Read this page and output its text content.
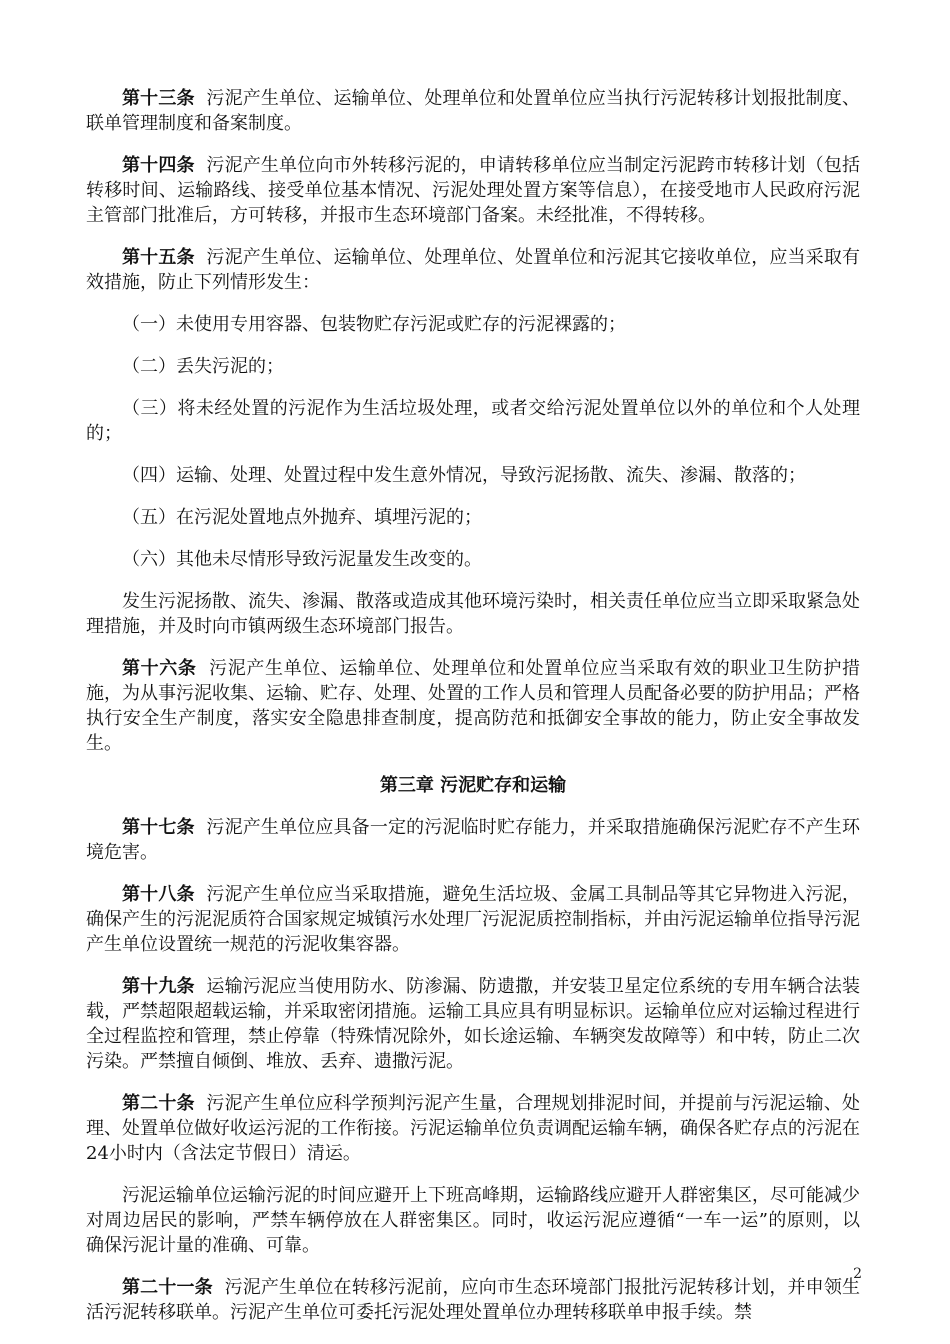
第十三条 污泥产生单位、运输单位、处理单位和处置单位应当执行污泥转移计划报批制度、联单管理制度和备案制度。

第十四条 污泥产生单位向市外转移污泥的，申请转移单位应当制定污泥跨市转移计划（包括转移时间、运输路线、接受单位基本情况、污泥处理处置方案等信息），在接受地市人民政府污泥主管部门批准后，方可转移，并报市生态环境部门备案。未经批准，不得转移。

第十五条 污泥产生单位、运输单位、处理单位、处置单位和污泥其它接收单位，应当采取有效措施，防止下列情形发生：

（一）未使用专用容器、包装物贮存污泥或贮存的污泥裸露的；

（二）丢失污泥的；

（三）将未经处置的污泥作为生活垃圾处理，或者交给污泥处置单位以外的单位和个人处理的；

（四）运输、处理、处置过程中发生意外情况，导致污泥扬散、流失、渗漏、散落的；

（五）在污泥处置地点外抛弃、填埋污泥的；

（六）其他未尽情形导致污泥量发生改变的。

发生污泥扬散、流失、渗漏、散落或造成其他环境污染时，相关责任单位应当立即采取紧急处理措施，并及时向市镇两级生态环境部门报告。

第十六条 污泥产生单位、运输单位、处理单位和处置单位应当采取有效的职业卫生防护措施，为从事污泥收集、运输、贮存、处理、处置的工作人员和管理人员配备必要的防护用品；严格执行安全生产制度，落实安全隐患排查制度，提高防范和抵御安全事故的能力，防止安全事故发生。

第三章 污泥贮存和运输

第十七条 污泥产生单位应具备一定的污泥临时贮存能力，并采取措施确保污泥贮存不产生环境危害。

第十八条 污泥产生单位应当采取措施，避免生活垃圾、金属工具制品等其它异物进入污泥，确保产生的污泥泥质符合国家规定城镇污水处理厂污泥泥质控制指标，并由污泥运输单位指导污泥产生单位设置统一规范的污泥收集容器。

第十九条 运输污泥应当使用防水、防渗漏、防遗撒，并安装卫星定位系统的专用车辆合法装载，严禁超限超载运输，并采取密闭措施。运输工具应具有明显标识。运输单位应对运输过程进行全过程监控和管理，禁止停靠（特殊情况除外，如长途运输、车辆突发故障等）和中转，防止二次污染。严禁擅自倾倒、堆放、丢弃、遗撒污泥。

第二十条 污泥产生单位应科学预判污泥产生量，合理规划排泥时间，并提前与污泥运输、处理、处置单位做好收运污泥的工作衔接。污泥运输单位负责调配运输车辆，确保各贮存点的污泥在24小时内（含法定节假日）清运。

污泥运输单位运输污泥的时间应避开上下班高峰期，运输路线应避开人群密集区，尽可能减少对周边居民的影响，严禁车辆停放在人群密集区。同时，收运污泥应遵循“一车一运”的原则，以确保污泥计量的准确、可靠。

第二十一条 污泥产生单位在转移污泥前，应向市生态环境部门报批污泥转移计划，并申领生活污泥转移联单。污泥产生单位可委托污泥处理处置单位办理转移联单申报手续。禁

2
